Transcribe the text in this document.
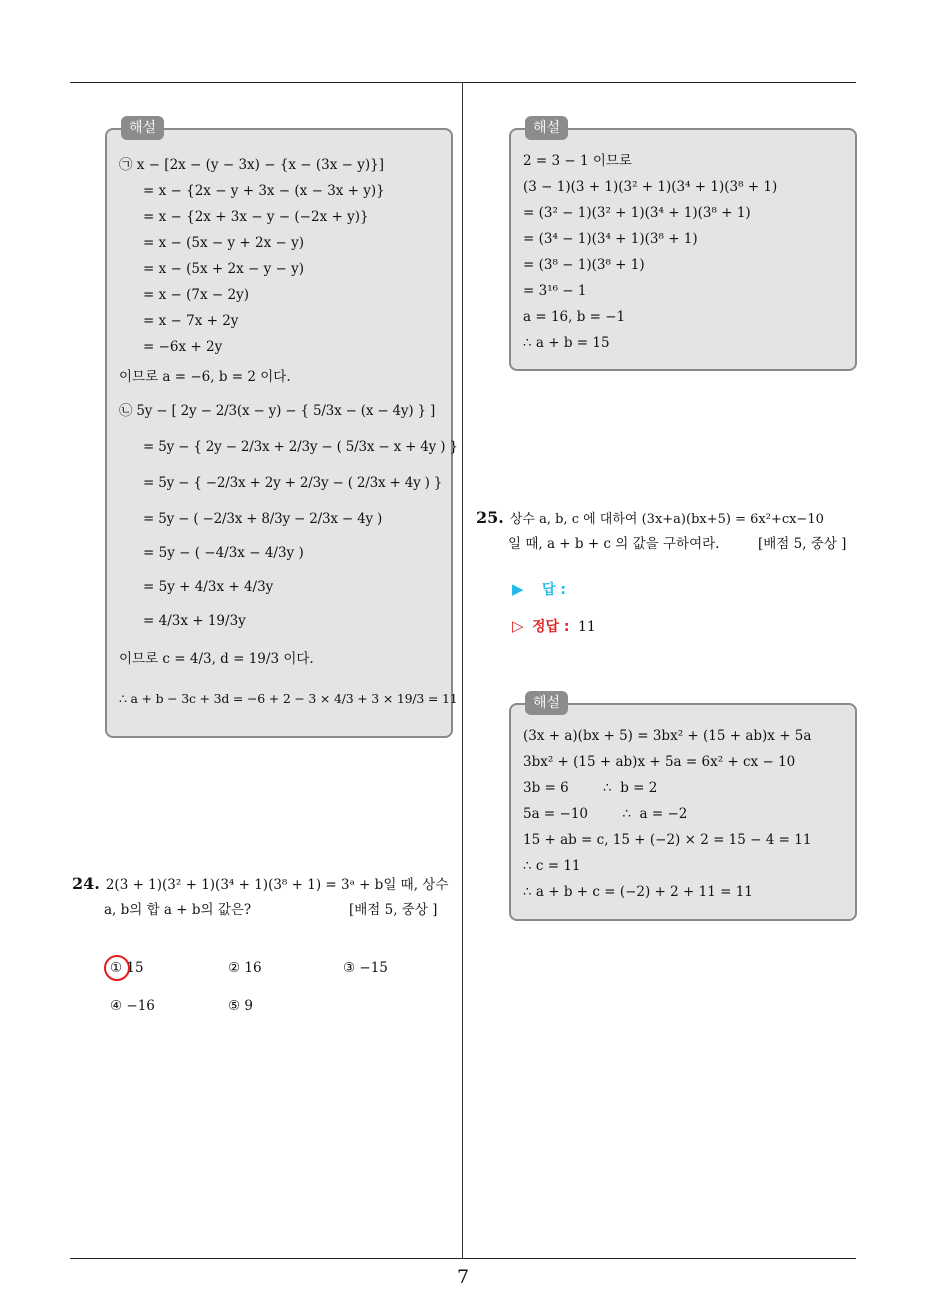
해설
㉠ x − [2x − (y − 3x) − {x − (3x − y)}]
= x − {2x − y + 3x − (x − 3x + y)}
= x − {2x + 3x − y − (−2x + y)}
= x − (5x − y + 2x − y)
= x − (5x + 2x − y − y)
= x − (7x − 2y)
= x − 7x + 2y
= −6x + 2y
이므로 a = −6, b = 2 이다.
㉡ 5y − [ 2y − 2/3(x − y) − { 5/3x − (x − 4y) } ]
= 5y − { 2y − 2/3x + 2/3y − ( 5/3x − x + 4y ) }
= 5y − { −2/3x + 2y + 2/3y − ( 2/3x + 4y ) }
= 5y − ( −2/3x + 8/3y − 2/3x − 4y )
= 5y − ( −4/3x − 4/3y )
= 5y + 4/3x + 4/3y
= 4/3x + 19/3y
이므로 c = 4/3, d = 19/3 이다.
∴ a + b − 3c + 3d = −6 + 2 − 3 × 4/3 + 3 × 19/3 = 11
24. 2(3 + 1)(3² + 1)(3⁴ + 1)(3⁸ + 1) = 3ᵃ + b일 때, 상수
a, b의 합 a + b의 값은?	[배점 5, 중상 ]
① 15	② 16	③ −15
④ −16	⑤ 9
해설
2 = 3 − 1 이므로
(3 − 1)(3 + 1)(3² + 1)(3⁴ + 1)(3⁸ + 1)
= (3² − 1)(3² + 1)(3⁴ + 1)(3⁸ + 1)
= (3⁴ − 1)(3⁴ + 1)(3⁸ + 1)
= (3⁸ − 1)(3⁸ + 1)
= 3¹⁶ − 1
a = 16, b = −1
∴ a + b = 15
25. 상수 a, b, c 에 대하여 (3x+a)(bx+5) = 6x²+cx−10
일 때, a + b + c 의 값을 구하여라.	[배점 5, 중상 ]
▶ 답 :
▷ 정답 : 11
해설
(3x + a)(bx + 5) = 3bx² + (15 + ab)x + 5a
3bx² + (15 + ab)x + 5a = 6x² + cx − 10
3b = 6        ∴  b = 2
5a = −10        ∴  a = −2
15 + ab = c, 15 + (−2) × 2 = 15 − 4 = 11
∴ c = 11
∴ a + b + c = (−2) + 2 + 11 = 11
7
